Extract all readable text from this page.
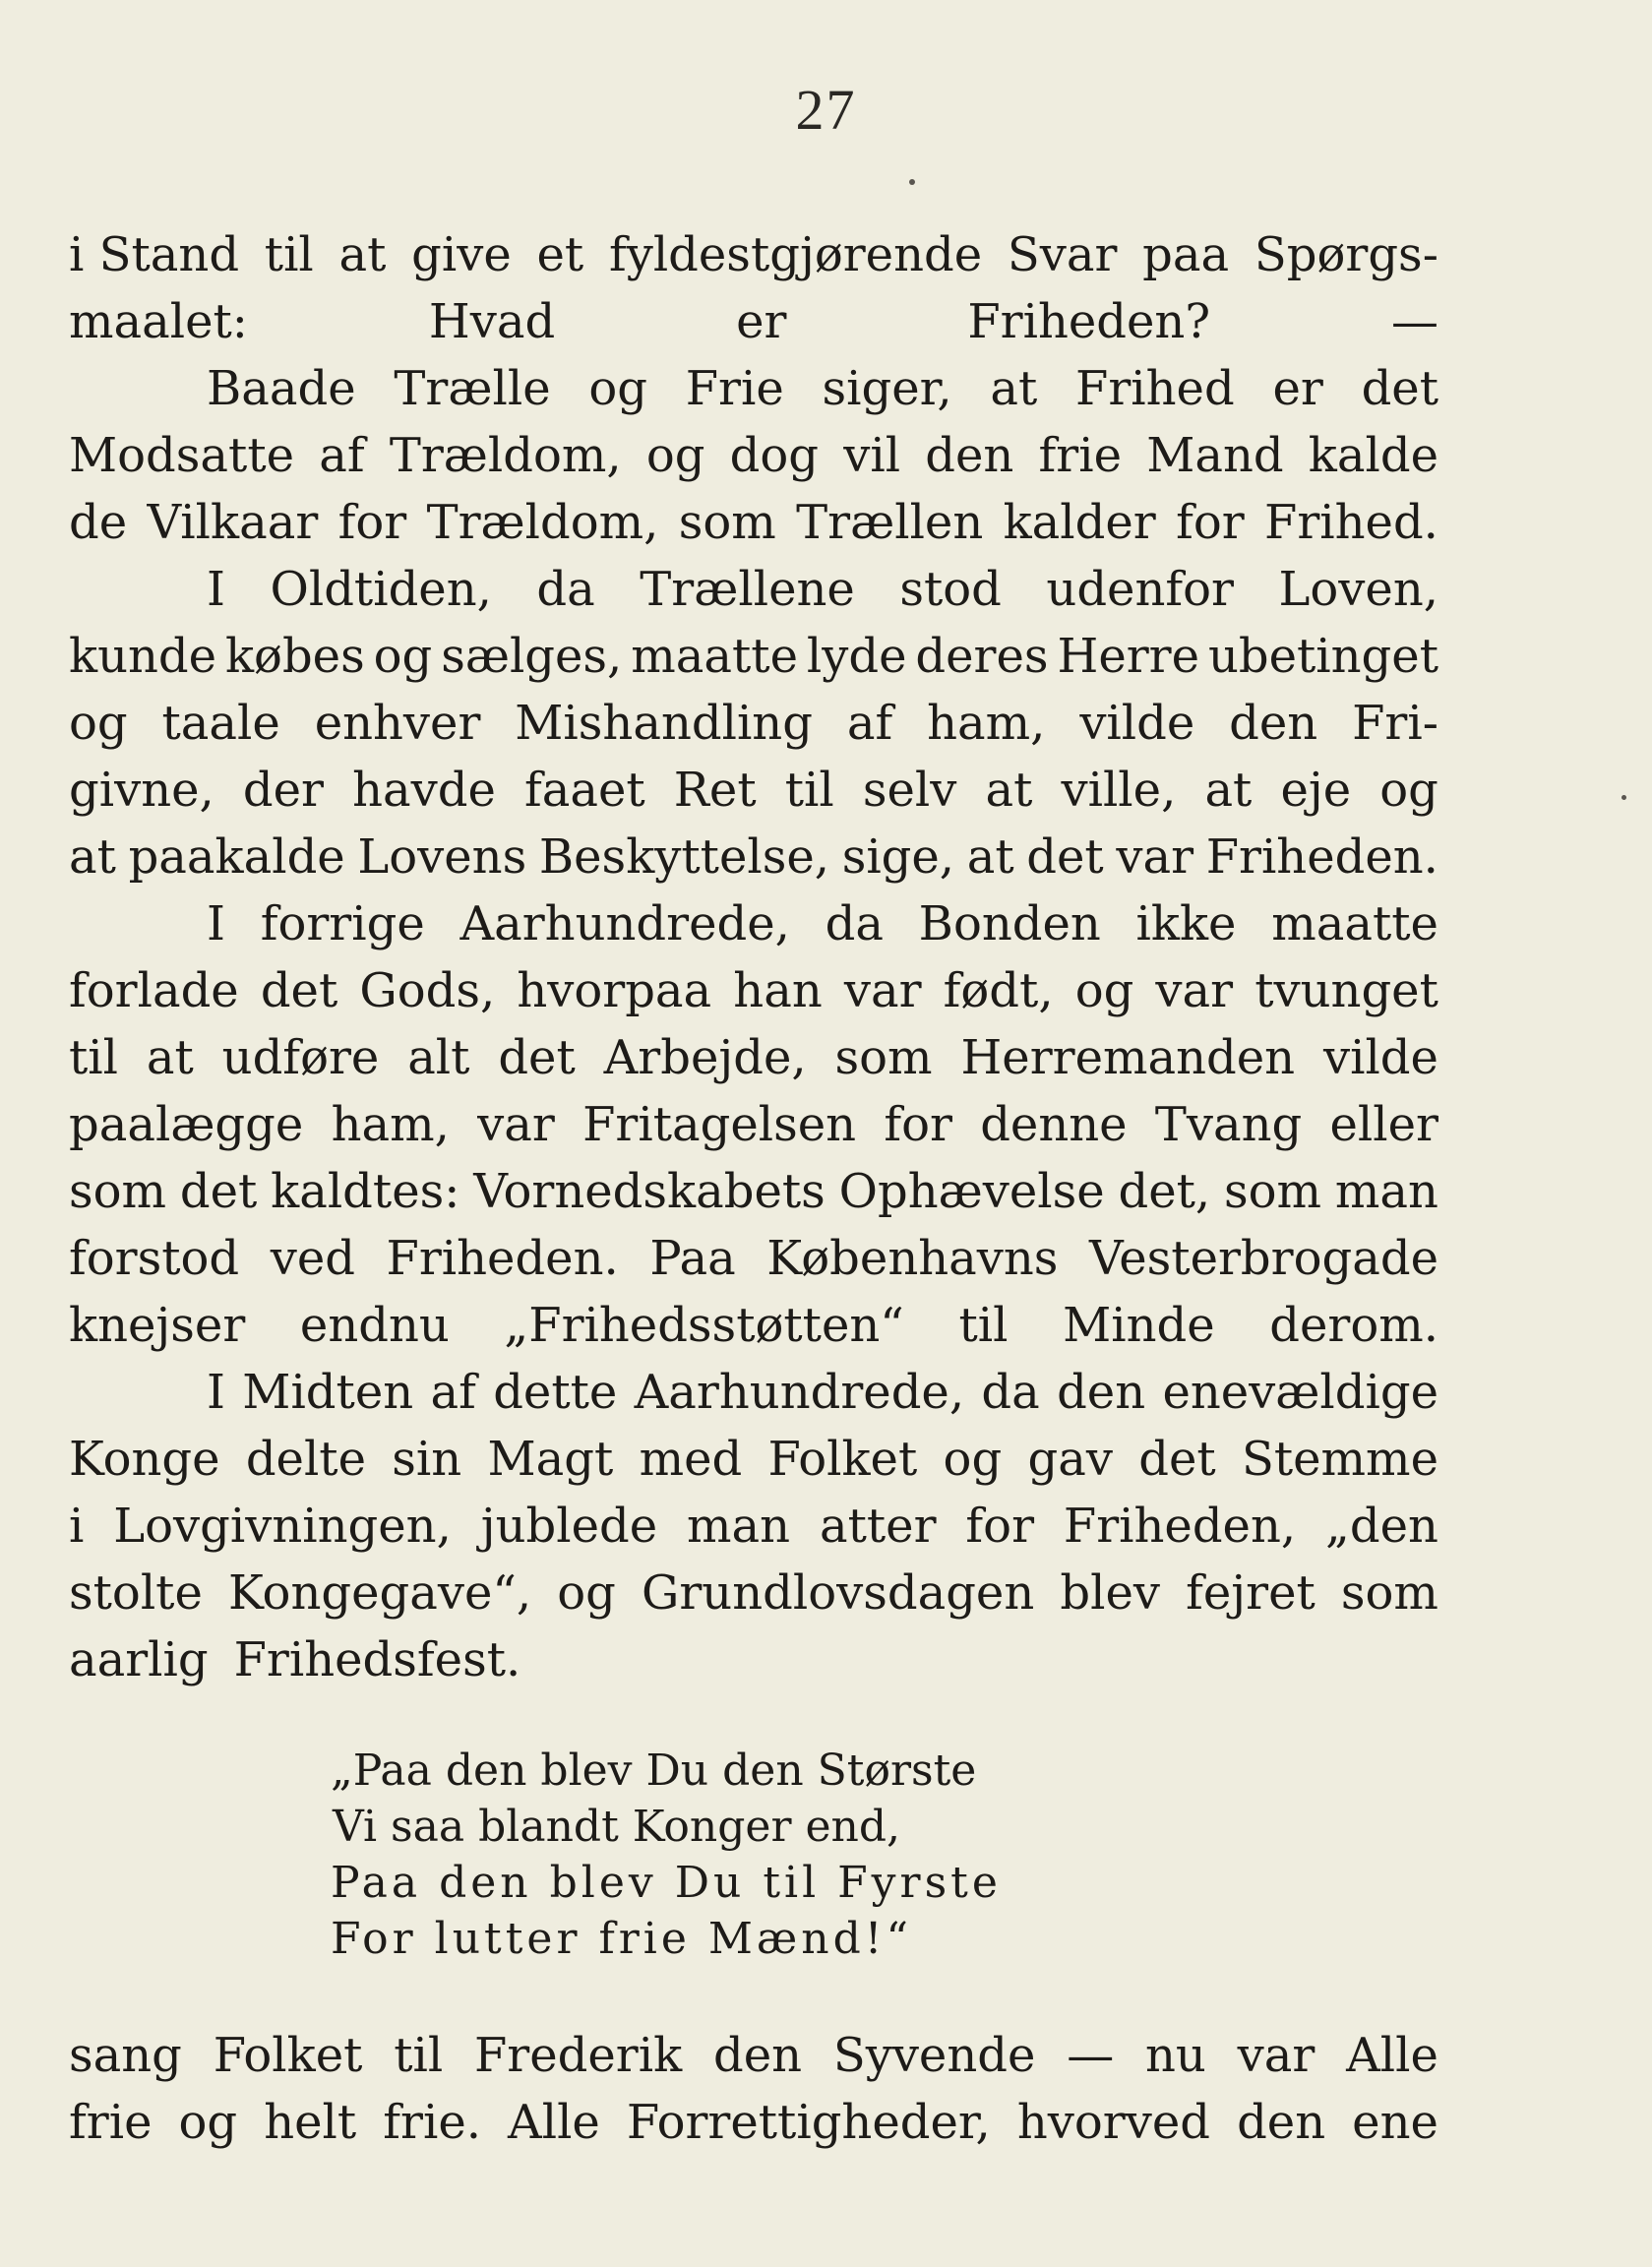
27
i Stand til at give et fyldestgjørende Svar paa Spørgs-
maalet:	Hvad	er	Friheden?	—
Baade Trælle og Frie siger, at Frihed er det
Modsatte af Trældom, og dog vil den frie Mand kalde
de Vilkaar for Trældom, som Trællen kalder for Frihed.
I Oldtiden, da Trællene stod udenfor Loven,
kunde købes og sælges, maatte lyde deres Herre ubetinget
og taale enhver Mishandling af ham, vilde den Fri-
givne, der havde faaet Ret til selv at ville, at eje og
at paakalde Lovens Beskyttelse, sige, at det var Friheden.
I forrige Aarhundrede, da Bonden ikke maatte
forlade det Gods, hvorpaa han var født, og var tvunget
til at udføre alt det Arbejde, som Herremanden vilde
paalægge ham, var Fritagelsen for denne Tvang eller
som det kaldtes: Vornedskabets Ophævelse det, som man
forstod ved Friheden. Paa Københavns Vesterbrogade
knejser endnu „Frihedsstøtten“ til Minde derom.
I Midten af dette Aarhundrede, da den enevældige
Konge delte sin Magt med Folket og gav det Stemme
i Lovgivningen, jublede man atter for Friheden, „den
stolte Kongegave“, og Grundlovsdagen blev fejret som
aarlig Frihedsfest.
„Paa den blev Du den Største
Vi saa blandt Konger end,
Paa den blev Du til Fyrste
For lutter frie Mænd!“
sang Folket til Frederik den Syvende — nu var Alle
frie og helt frie. Alle Forrettigheder, hvorved den ene
